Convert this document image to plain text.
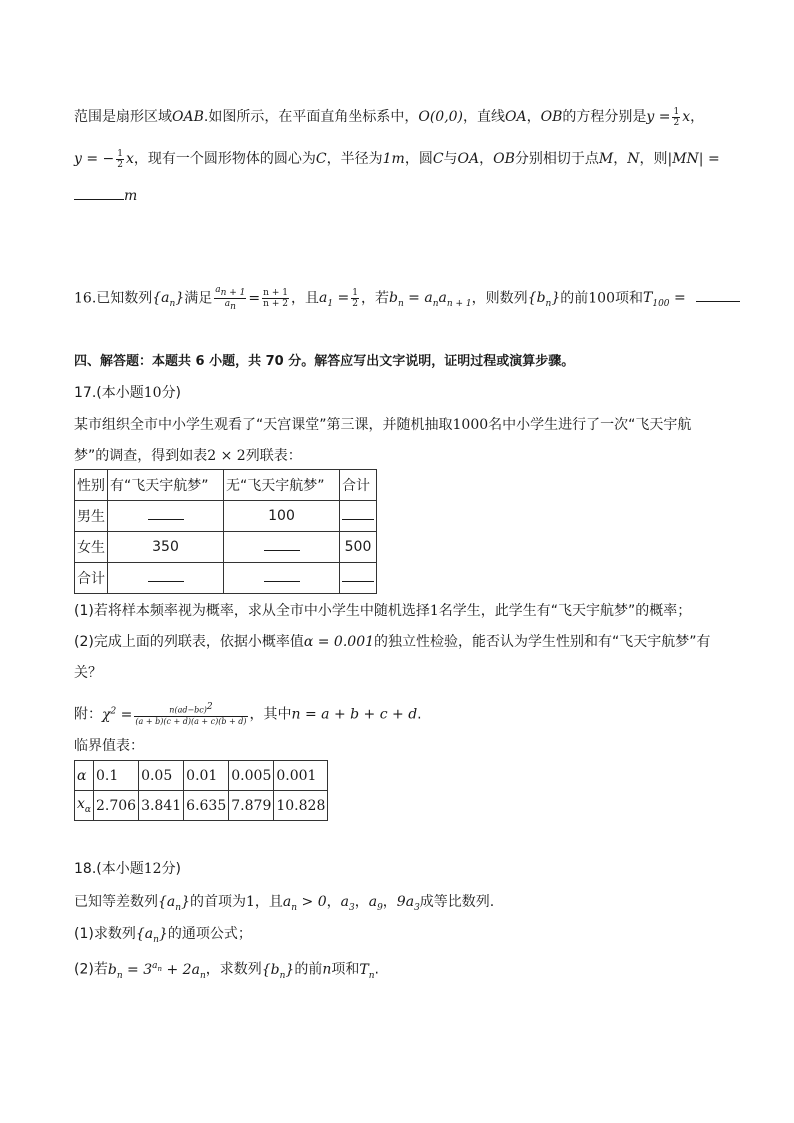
范围是扇形区域OAB.如图所示，在平面直角坐标系中，O(0,0)，直线OA，OB的方程分别是$y = \frac{1}{2}$ x，
y = − $\frac{1}{2}$ x，现有一个圆形物体的圆心为C，半径为1m，圆C与OA，OB分别相切于点M，N，则|MN| =
m
16.已知数列$\{a_n\}$满足 $\frac{a_{n + 1}}{a_n} = \frac{n + 1}{n + 2}$ ，且$a_1 = \frac{1}{2}$ ，若$b_n = a_na_{n + 1}$，则数列$\{b_n\}$的前100项和$T_{100}$ =
四、解答题：本题共 6 小题，共 70 分。解答应写出文字说明，证明过程或演算步骤。
17.(本小题10分)
某市组织全市中小学生观看了“天宫课堂”第三课，并随机抽取1000名中小学生进行了一次“飞天宇航
梦”的调查，得到如表2 × 2列联表：
性别	有“飞天宇航梦”	无“飞天宇航梦”	合计
男生		100	
女生	350		500
合计			
(1)若将样本频率视为概率，求从全市中小学生中随机选择1名学生，此学生有“飞天宇航梦”的概率；
(2)完成上面的列联表，依据小概率值α = 0.001的独立性检验，能否认为学生性别和有“飞天宇航梦”有
关？
附：$\chi^2 = \frac{n(ad-bc)^2}{(a + b)(c + d)(a + c)(b + d)}$ ，其中n = a + b + c + d.
临界值表：
α	0.1	0.05	0.01	0.005	0.001
$x_\alpha$	2.706	3.841	6.635	7.879	10.828
18.(本小题12分)
已知等差数列$\{a_n\}$的首项为1，且$a_n > 0$，$a_3$，$a_9$，$9a_3$成等比数列.
(1)求数列$\{a_n\}$的通项公式；
(2)若$b_n = 3^{a_n} + 2a_n$，求数列$\{b_n\}$的前n项和$T_n$.
